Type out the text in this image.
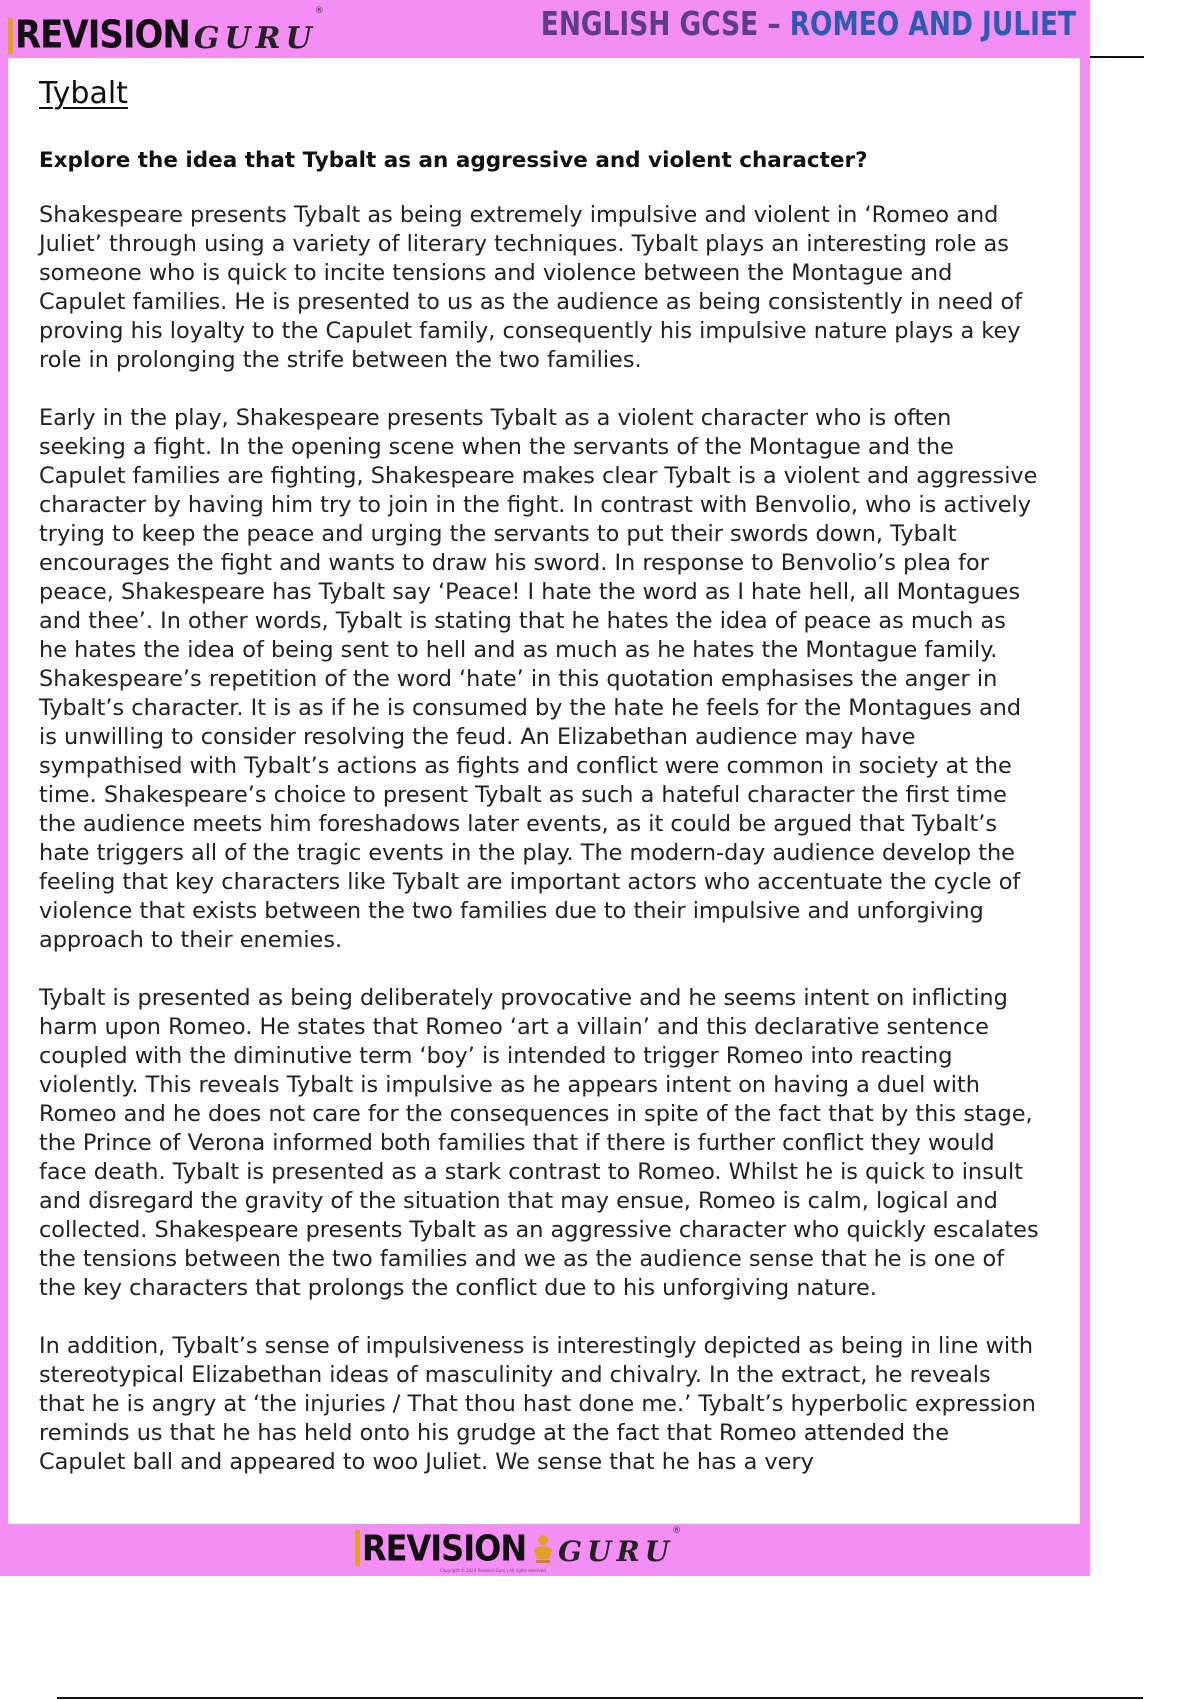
REVISION GURU
®	ENGLISH GCSE – ROMEO AND JULIET
Tybalt
Explore the idea that Tybalt as an aggressive and violent character?

Shakespeare presents Tybalt as being extremely impulsive and violent in ‘Romeo and Juliet’ through using a variety of literary techniques. Tybalt plays an interesting role as someone who is quick to incite tensions and violence between the Montague and Capulet families. He is presented to us as the audience as being consistently in need of proving his loyalty to the Capulet family, consequently his impulsive nature plays a key role in prolonging the strife between the two families.

Early in the play, Shakespeare presents Tybalt as a violent character who is often seeking a fight. In the opening scene when the servants of the Montague and the Capulet families are fighting, Shakespeare makes clear Tybalt is a violent and aggressive character by having him try to join in the fight. In contrast with Benvolio, who is actively trying to keep the peace and urging the servants to put their swords down, Tybalt encourages the fight and wants to draw his sword. In response to Benvolio’s plea for peace, Shakespeare has Tybalt say ‘Peace! I hate the word as I hate hell, all Montagues and thee’. In other words, Tybalt is stating that he hates the idea of peace as much as he hates the idea of being sent to hell and as much as he hates the Montague family. Shakespeare’s repetition of the word ‘hate’ in this quotation emphasises the anger in Tybalt’s character. It is as if he is consumed by the hate he feels for the Montagues and is unwilling to consider resolving the feud. An Elizabethan audience may have sympathised with Tybalt’s actions as fights and conflict were common in society at the time. Shakespeare’s choice to present Tybalt as such a hateful character the first time the audience meets him foreshadows later events, as it could be argued that Tybalt’s hate triggers all of the tragic events in the play. The modern-day audience develop the feeling that key characters like Tybalt are important actors who accentuate the cycle of violence that exists between the two families due to their impulsive and unforgiving approach to their enemies.

Tybalt is presented as being deliberately provocative and he seems intent on inflicting harm upon Romeo. He states that Romeo ‘art a villain’ and this declarative sentence coupled with the diminutive term ‘boy’ is intended to trigger Romeo into reacting violently. This reveals Tybalt is impulsive as he appears intent on having a duel with Romeo and he does not care for the consequences in spite of the fact that by this stage, the Prince of Verona informed both families that if there is further conflict they would face death. Tybalt is presented as a stark contrast to Romeo. Whilst he is quick to insult and disregard the gravity of the situation that may ensue, Romeo is calm, logical and collected. Shakespeare presents Tybalt as an aggressive character who quickly escalates the tensions between the two families and we as the audience sense that he is one of the key characters that prolongs the conflict due to his unforgiving nature.

In addition, Tybalt’s sense of impulsiveness is interestingly depicted as being in line with stereotypical Elizabethan ideas of masculinity and chivalry. In the extract, he reveals that he is angry at ‘the injuries / That thou hast done me.’ Tybalt’s hyperbolic expression reminds us that he has held onto his grudge at the fact that Romeo attended the Capulet ball and appeared to woo Juliet. We sense that he has a very

REVISION GURU
®
Copyright © 2024 Revision Guru | All rights reserved
